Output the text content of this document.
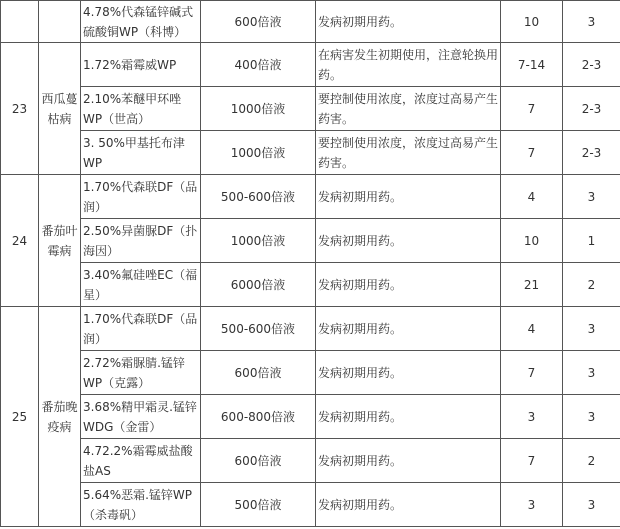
		4.78%代森锰锌碱式硫酸铜WP（科博）	600倍液	发病初期用药。	10	3
23	西瓜蔓枯病	1.72%霜霉威WP	400倍液	在病害发生初期使用，注意轮换用药。	7-14	2-3
		2.10%苯醚甲环唑WP（世高）	1000倍液	要控制使用浓度，浓度过高易产生药害。	7	2-3
		3. 50%甲基托布津WP	1000倍液	要控制使用浓度，浓度过高易产生药害。	7	2-3
24	番茄叶霉病	1.70%代森联DF（品润）	500-600倍液	发病初期用药。	4	3
		2.50%异菌脲DF（扑海因）	1000倍液	发病初期用药。	10	1
		3.40%氟硅唑EC（福星）	6000倍液	发病初期用药。	21	2
25	番茄晚疫病	1.70%代森联DF（品润）	500-600倍液	发病初期用药。	4	3
		2.72%霜脲腈.锰锌WP（克露）	600倍液	发病初期用药。	7	3
		3.68%精甲霜灵.锰锌WDG（金雷）	600-800倍液	发病初期用药。	3	3
		4.72.2%霜霉威盐酸盐AS	600倍液	发病初期用药。	7	2
		5.64%恶霜.锰锌WP（杀毒矾）	500倍液	发病初期用药。	3	3
